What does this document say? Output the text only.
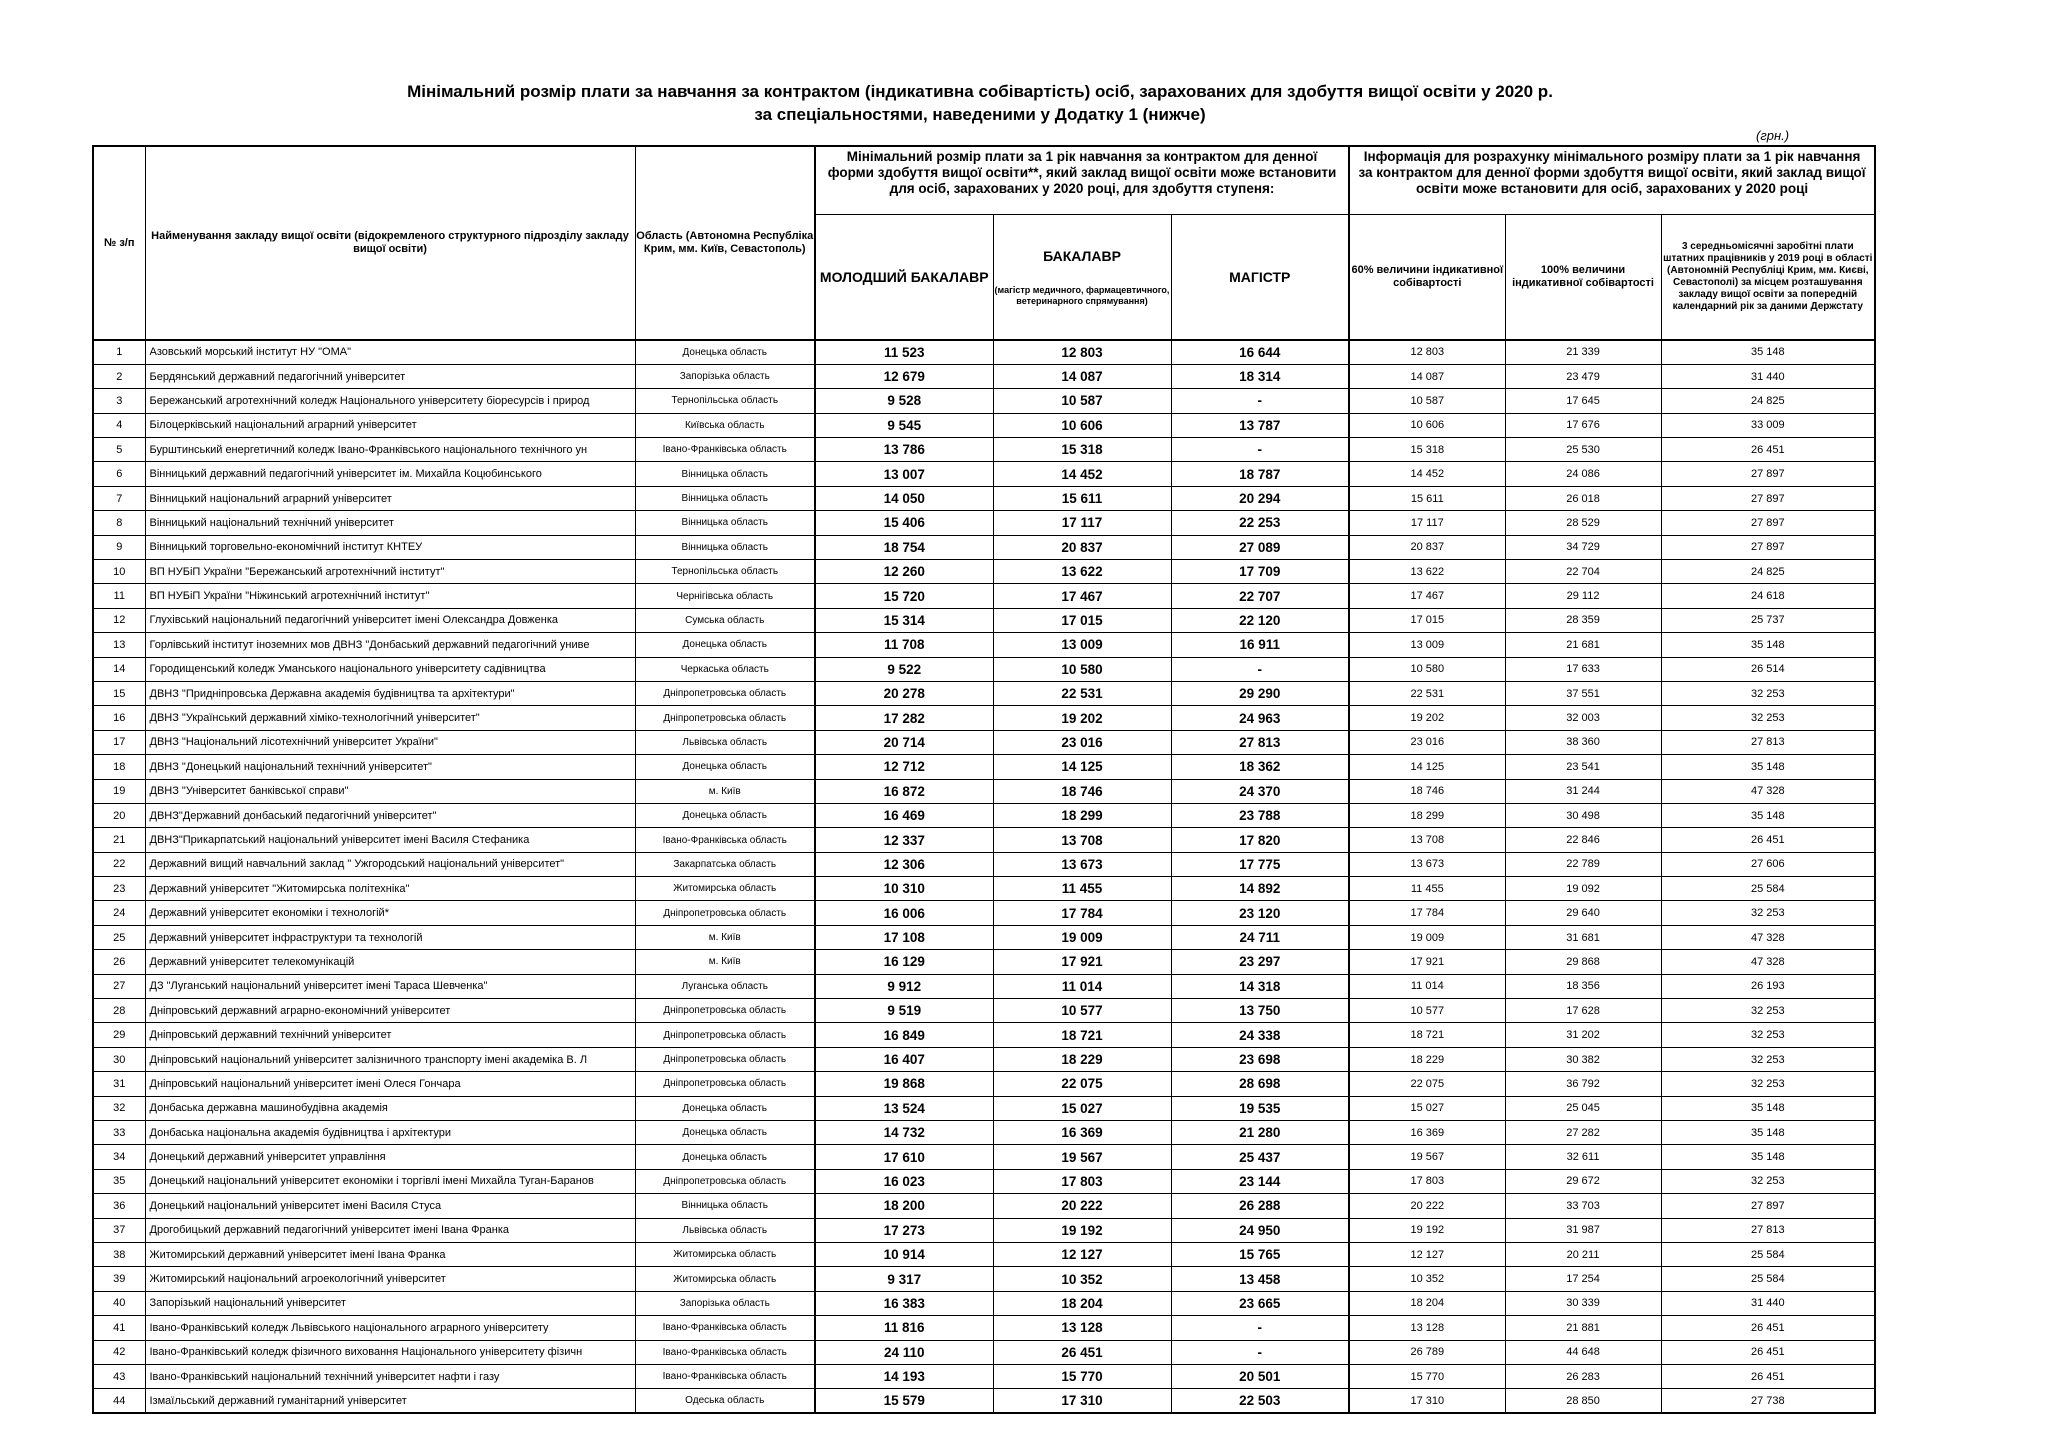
Мінімальний розмір плати за навчання за контрактом (індикативна собівартість) осіб, зарахованих для здобуття вищої освіти у 2020 р.
за спеціальностями, наведеними у Додатку 1 (нижче)
(грн.)
№ з/п	Найменування закладу вищої освіти (відокремленого структурного підрозділу закладу вищої освіти)	Область (Автономна Республіка Крим, мм. Київ, Севастополь)	Мінімальний розмір плати за 1 рік навчання за контрактом для денної форми здобуття вищої освіти**, який заклад вищої освіти може встановити для осіб, зарахованих у 2020 році, для здобуття ступеня:			Інформація для розрахунку мінімального розміру плати за 1 рік навчання за контрактом для денної форми здобуття вищої освіти, який заклад вищої освіти може встановити для осіб, зарахованих у 2020 році		
			МОЛОДШИЙ БАКАЛАВР	БАКАЛАВР
(магістр медичного, фармацевтичного, ветеринарного спрямування)	МАГІСТР	60% величини індикативної собівартості	100% величини індикативної собівартості	3 середньомісячні заробітні плати штатних працівників у 2019 році в області (Автономній Республіці Крим, мм. Києві, Севастополі) за місцем розташування закладу вищої освіти за попередній календарний рік за даними Держстату
1	Азовський морський інститут НУ "ОМА"	Донецька область	11 523	12 803	16 644	12 803	21 339	35 148
2	Бердянський державний педагогічний університет	Запорізька область	12 679	14 087	18 314	14 087	23 479	31 440
3	Бережанський агротехнічний коледж Національного університету біоресурсів і природ	Тернопільська область	9 528	10 587	-	10 587	17 645	24 825
4	Білоцерківський національний аграрний університет	Київська область	9 545	10 606	13 787	10 606	17 676	33 009
5	Бурштинський енергетичний коледж Івано-Франківського національного технічного ун	Івано-Франківська область	13 786	15 318	-	15 318	25 530	26 451
6	Вінницький державний педагогічний університет ім. Михайла Коцюбинського	Вінницька область	13 007	14 452	18 787	14 452	24 086	27 897
7	Вінницький національний аграрний університет	Вінницька область	14 050	15 611	20 294	15 611	26 018	27 897
8	Вінницький національний технічний університет	Вінницька область	15 406	17 117	22 253	17 117	28 529	27 897
9	Вінницький торговельно-економічний інститут КНТЕУ	Вінницька область	18 754	20 837	27 089	20 837	34 729	27 897
10	ВП НУБіП України "Бережанський агротехнічний інститут"	Тернопільська область	12 260	13 622	17 709	13 622	22 704	24 825
11	ВП НУБіП України "Ніжинський агротехнічний інститут"	Чернігівська область	15 720	17 467	22 707	17 467	29 112	24 618
12	Глухівський національний педагогічний університет імені Олександра Довженка	Сумська область	15 314	17 015	22 120	17 015	28 359	25 737
13	Горлівський інститут іноземних мов ДВНЗ "Донбаський державний педагогічний униве	Донецька область	11 708	13 009	16 911	13 009	21 681	35 148
14	Городищенський коледж Уманського національного університету садівництва	Черкаська область	9 522	10 580	-	10 580	17 633	26 514
15	ДВНЗ "Придніпровська Державна академія будівництва та архітектури"	Дніпропетровська область	20 278	22 531	29 290	22 531	37 551	32 253
16	ДВНЗ "Український державний хіміко-технологічний університет"	Дніпропетровська область	17 282	19 202	24 963	19 202	32 003	32 253
17	ДВНЗ "Національний лісотехнічний університет України"	Львівська область	20 714	23 016	27 813	23 016	38 360	27 813
18	ДВНЗ "Донецький національний технічний університет"	Донецька область	12 712	14 125	18 362	14 125	23 541	35 148
19	ДВНЗ "Університет банківської справи"	м. Київ	16 872	18 746	24 370	18 746	31 244	47 328
20	ДВНЗ"Державний донбаський педагогічний університет"	Донецька область	16 469	18 299	23 788	18 299	30 498	35 148
21	ДВНЗ"Прикарпатський національний університет імені Василя Стефаника	Івано-Франківська область	12 337	13 708	17 820	13 708	22 846	26 451
22	Державний вищий навчальний заклад " Ужгородський національний університет"	Закарпатська область	12 306	13 673	17 775	13 673	22 789	27 606
23	Державний університет "Житомирська політехніка"	Житомирська область	10 310	11 455	14 892	11 455	19 092	25 584
24	Державний університет економіки і технологій*	Дніпропетровська область	16 006	17 784	23 120	17 784	29 640	32 253
25	Державний університет інфраструктури та технологій	м. Київ	17 108	19 009	24 711	19 009	31 681	47 328
26	Державний університет телекомунікацій	м. Київ	16 129	17 921	23 297	17 921	29 868	47 328
27	ДЗ "Луганський національний університет імені Тараса Шевченка"	Луганська область	9 912	11 014	14 318	11 014	18 356	26 193
28	Дніпровський державний аграрно-економічний університет	Дніпропетровська область	9 519	10 577	13 750	10 577	17 628	32 253
29	Дніпровський державний технічний університет	Дніпропетровська область	16 849	18 721	24 338	18 721	31 202	32 253
30	Дніпровський національний університет залізничного транспорту імені академіка В. Л	Дніпропетровська область	16 407	18 229	23 698	18 229	30 382	32 253
31	Дніпровський національний університет імені Олеся Гончара	Дніпропетровська область	19 868	22 075	28 698	22 075	36 792	32 253
32	Донбаська державна машинобудівна академія	Донецька область	13 524	15 027	19 535	15 027	25 045	35 148
33	Донбаська національна академія будівництва і архітектури	Донецька область	14 732	16 369	21 280	16 369	27 282	35 148
34	Донецький державний університет управління	Донецька область	17 610	19 567	25 437	19 567	32 611	35 148
35	Донецький національний університет економіки і торгівлі імені Михайла Туган-Баранов	Дніпропетровська область	16 023	17 803	23 144	17 803	29 672	32 253
36	Донецький національний університет імені Василя Стуса	Вінницька область	18 200	20 222	26 288	20 222	33 703	27 897
37	Дрогобицький державний педагогічний університет імені Івана Франка	Львівська область	17 273	19 192	24 950	19 192	31 987	27 813
38	Житомирський державний університет імені Івана Франка	Житомирська область	10 914	12 127	15 765	12 127	20 211	25 584
39	Житомирський національний агроекологічний університет	Житомирська область	9 317	10 352	13 458	10 352	17 254	25 584
40	Запорізький національний університет	Запорізька область	16 383	18 204	23 665	18 204	30 339	31 440
41	Івано-Франківський коледж Львівського національного аграрного університету	Івано-Франківська область	11 816	13 128	-	13 128	21 881	26 451
42	Івано-Франківський коледж фізичного виховання Національного університету фізичн	Івано-Франківська область	24 110	26 451	-	26 789	44 648	26 451
43	Івано-Франківський національний технічний університет нафти і газу	Івано-Франківська область	14 193	15 770	20 501	15 770	26 283	26 451
44	Ізмаїльський державний гуманітарний університет	Одеська область	15 579	17 310	22 503	17 310	28 850	27 738
